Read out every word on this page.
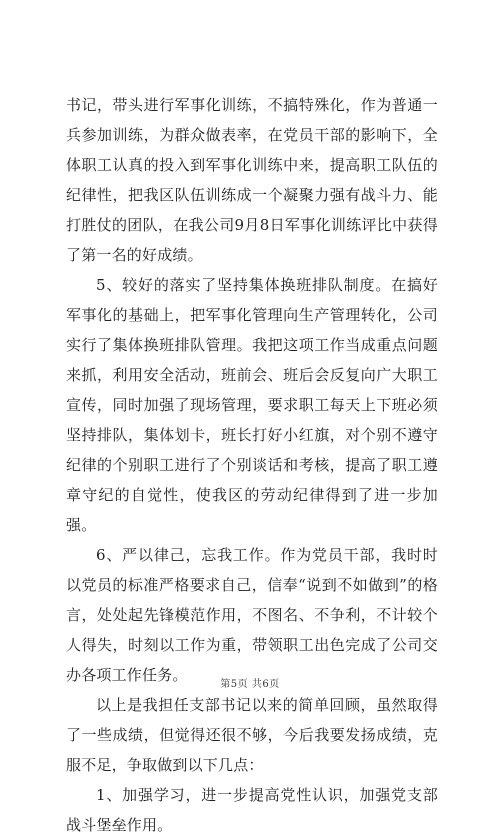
书记，带头进行军事化训练，不搞特殊化，作为普通一兵参加训练，为群众做表率，在党员干部的影响下，全体职工认真的投入到军事化训练中来，提高职工队伍的纪律性，把我区队伍训练成一个凝聚力强有战斗力、能打胜仗的团队，在我公司9月8日军事化训练评比中获得了第一名的好成绩。

5、较好的落实了坚持集体换班排队制度。在搞好军事化的基础上，把军事化管理向生产管理转化，公司实行了集体换班排队管理。我把这项工作当成重点问题来抓，利用安全活动，班前会、班后会反复向广大职工宣传，同时加强了现场管理，要求职工每天上下班必须坚持排队，集体划卡，班长打好小红旗，对个别不遵守纪律的个别职工进行了个别谈话和考核，提高了职工遵章守纪的自觉性，使我区的劳动纪律得到了进一步加强。

6、严以律己，忘我工作。作为党员干部，我时时以党员的标准严格要求自己，信奉“说到不如做到”的格言，处处起先锋模范作用，不图名、不争利，不计较个人得失，时刻以工作为重，带领职工出色完成了公司交办各项工作任务。

以上是我担任支部书记以来的简单回顾，虽然取得了一些成绩，但觉得还很不够，今后我要发扬成绩，克服不足，争取做到以下几点：

1、加强学习，进一步提高党性认识，加强党支部战斗堡垒作用。

第5页 共6页
